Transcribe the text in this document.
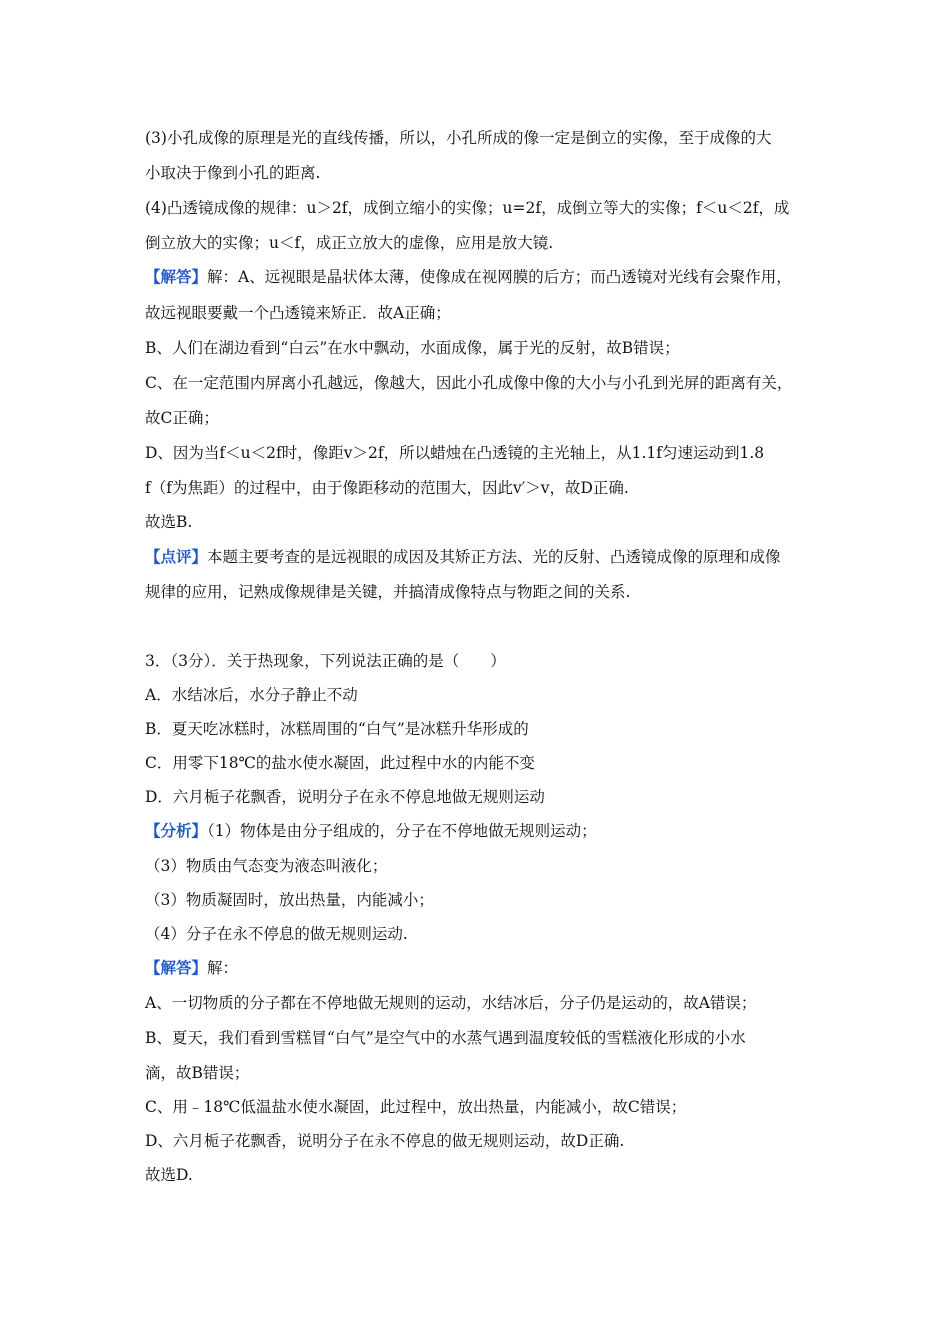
(3)小孔成像的原理是光的直线传播，所以，小孔所成的像一定是倒立的实像，至于成像的大
小取决于像到小孔的距离.
(4)凸透镜成像的规律：u＞2f，成倒立缩小的实像；u=2f，成倒立等大的实像；f＜u＜2f，成
倒立放大的实像；u＜f，成正立放大的虚像，应用是放大镜.
【解答】解：A、远视眼是晶状体太薄，使像成在视网膜的后方；而凸透镜对光线有会聚作用，
故远视眼要戴一个凸透镜来矫正．故A正确；
B、人们在湖边看到“白云”在水中飘动，水面成像，属于光的反射，故B错误；
C、在一定范围内屏离小孔越远，像越大，因此小孔成像中像的大小与小孔到光屏的距离有关，
故C正确；
D、因为当f＜u＜2f时，像距v＞2f，所以蜡烛在凸透镜的主光轴上，从1.1f匀速运动到1.8
f（f为焦距）的过程中，由于像距移动的范围大，因此v′＞v，故D正确.
故选B.
【点评】本题主要考查的是远视眼的成因及其矫正方法、光的反射、凸透镜成像的原理和成像
规律的应用，记熟成像规律是关键，并搞清成像特点与物距之间的关系.
3．（3分）．关于热现象，下列说法正确的是（　　）
A．水结冰后，水分子静止不动
B．夏天吃冰糕时，冰糕周围的“白气”是冰糕升华形成的
C．用零下18℃的盐水使水凝固，此过程中水的内能不变
D．六月栀子花飘香，说明分子在永不停息地做无规则运动
【分析】（1）物体是由分子组成的，分子在不停地做无规则运动；
（3）物质由气态变为液态叫液化；
（3）物质凝固时，放出热量，内能减小；
（4）分子在永不停息的做无规则运动.
【解答】解：
A、一切物质的分子都在不停地做无规则的运动，水结冰后，分子仍是运动的，故A错误；
B、夏天，我们看到雪糕冒“白气”是空气中的水蒸气遇到温度较低的雪糕液化形成的小水
滴，故B错误；
C、用﹣18℃低温盐水使水凝固，此过程中，放出热量，内能减小，故C错误；
D、六月栀子花飘香，说明分子在永不停息的做无规则运动，故D正确.
故选D.
